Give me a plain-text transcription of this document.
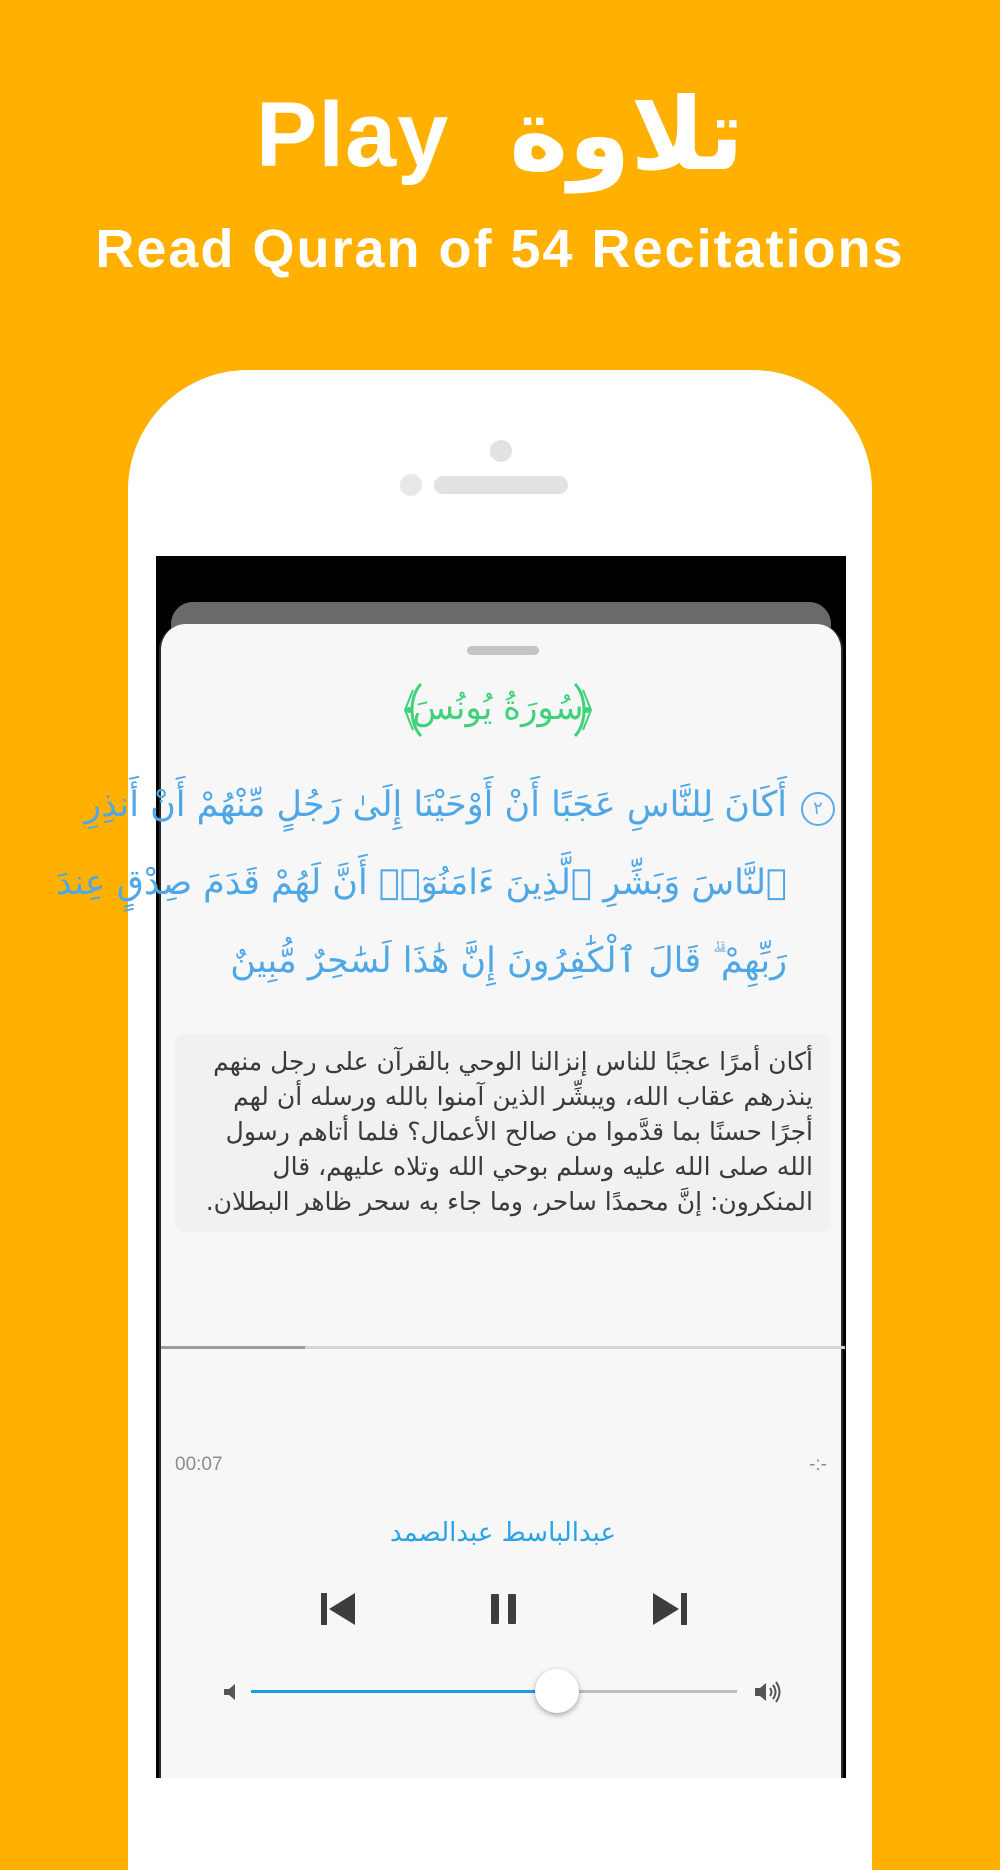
Play تلاوة
Read Quran of 54 Recitations
سُورَةُ يُونُسَ
٢
أَكَانَ لِلنَّاسِ عَجَبًا أَنْ أَوْحَيْنَا إِلَىٰ رَجُلٍ مِّنْهُمْ أَنْ أَنذِرِ
ٱلنَّاسَ وَبَشِّرِ ٱلَّذِينَ ءَامَنُوٓا۟ أَنَّ لَهُمْ قَدَمَ صِدْقٍ عِندَ
رَبِّهِمْ ۗ قَالَ ٱلْكَٰفِرُونَ إِنَّ هَٰذَا لَسَٰحِرٌ مُّبِينٌ
أكان أمرًا عجبًا للناس إنزالنا الوحي بالقرآن على رجل منهم
ينذرهم عقاب الله، ويبشِّر الذين آمنوا بالله ورسله أن لهم
أجرًا حسنًا بما قدَّموا من صالح الأعمال؟ فلما أتاهم رسول
الله صلى الله عليه وسلم بوحي الله وتلاه عليهم، قال
المنكرون: إنَّ محمدًا ساحر، وما جاء به سحر ظاهر البطلان.
00:07	-:-
عبدالباسط عبدالصمد
